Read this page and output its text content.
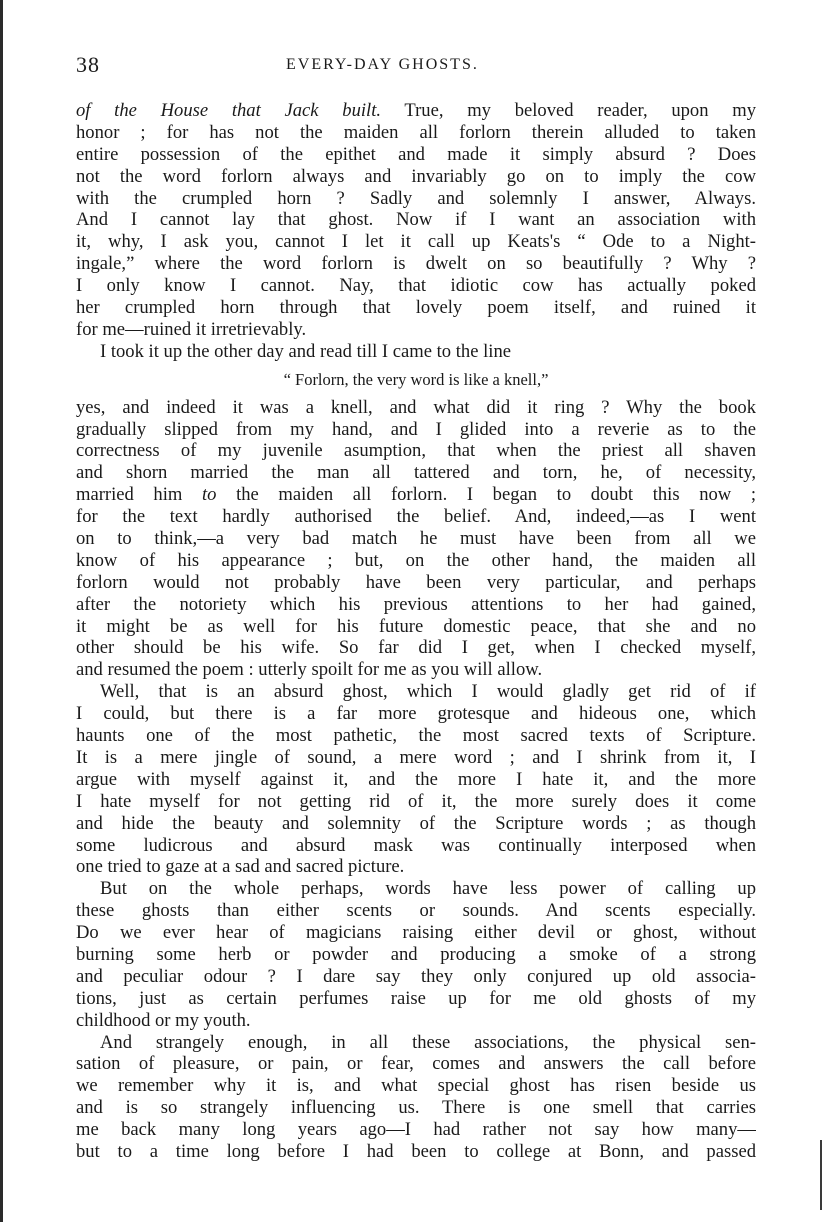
38	EVERY-DAY GHOSTS.
of the House that Jack built. True, my beloved reader, upon my
honor ; for has not the maiden all forlorn therein alluded to taken
entire possession of the epithet and made it simply absurd ? Does
not the word forlorn always and invariably go on to imply the cow
with the crumpled horn ? Sadly and solemnly I answer, Always.
And I cannot lay that ghost. Now if I want an association with
it, why, I ask you, cannot I let it call up Keats's “ Ode to a Night-
ingale,” where the word forlorn is dwelt on so beautifully ? Why ?
I only know I cannot. Nay, that idiotic cow has actually poked
her crumpled horn through that lovely poem itself, and ruined it
for me—ruined it irretrievably.
I took it up the other day and read till I came to the line
“ Forlorn, the very word is like a knell,”
yes, and indeed it was a knell, and what did it ring ? Why the book
gradually slipped from my hand, and I glided into a reverie as to the
correctness of my juvenile asumption, that when the priest all shaven
and shorn married the man all tattered and torn, he, of necessity,
married him to the maiden all forlorn. I began to doubt this now ;
for the text hardly authorised the belief. And, indeed,—as I went
on to think,—a very bad match he must have been from all we
know of his appearance ; but, on the other hand, the maiden all
forlorn would not probably have been very particular, and perhaps
after the notoriety which his previous attentions to her had gained,
it might be as well for his future domestic peace, that she and no
other should be his wife. So far did I get, when I checked myself,
and resumed the poem : utterly spoilt for me as you will allow.
Well, that is an absurd ghost, which I would gladly get rid of if
I could, but there is a far more grotesque and hideous one, which
haunts one of the most pathetic, the most sacred texts of Scripture.
It is a mere jingle of sound, a mere word ; and I shrink from it, I
argue with myself against it, and the more I hate it, and the more
I hate myself for not getting rid of it, the more surely does it come
and hide the beauty and solemnity of the Scripture words ; as though
some ludicrous and absurd mask was continually interposed when
one tried to gaze at a sad and sacred picture.
But on the whole perhaps, words have less power of calling up
these ghosts than either scents or sounds. And scents especially.
Do we ever hear of magicians raising either devil or ghost, without
burning some herb or powder and producing a smoke of a strong
and peculiar odour ? I dare say they only conjured up old associa-
tions, just as certain perfumes raise up for me old ghosts of my
childhood or my youth.
And strangely enough, in all these associations, the physical sen-
sation of pleasure, or pain, or fear, comes and answers the call before
we remember why it is, and what special ghost has risen beside us
and is so strangely influencing us. There is one smell that carries
me back many long years ago—I had rather not say how many—
but to a time long before I had been to college at Bonn, and passed
